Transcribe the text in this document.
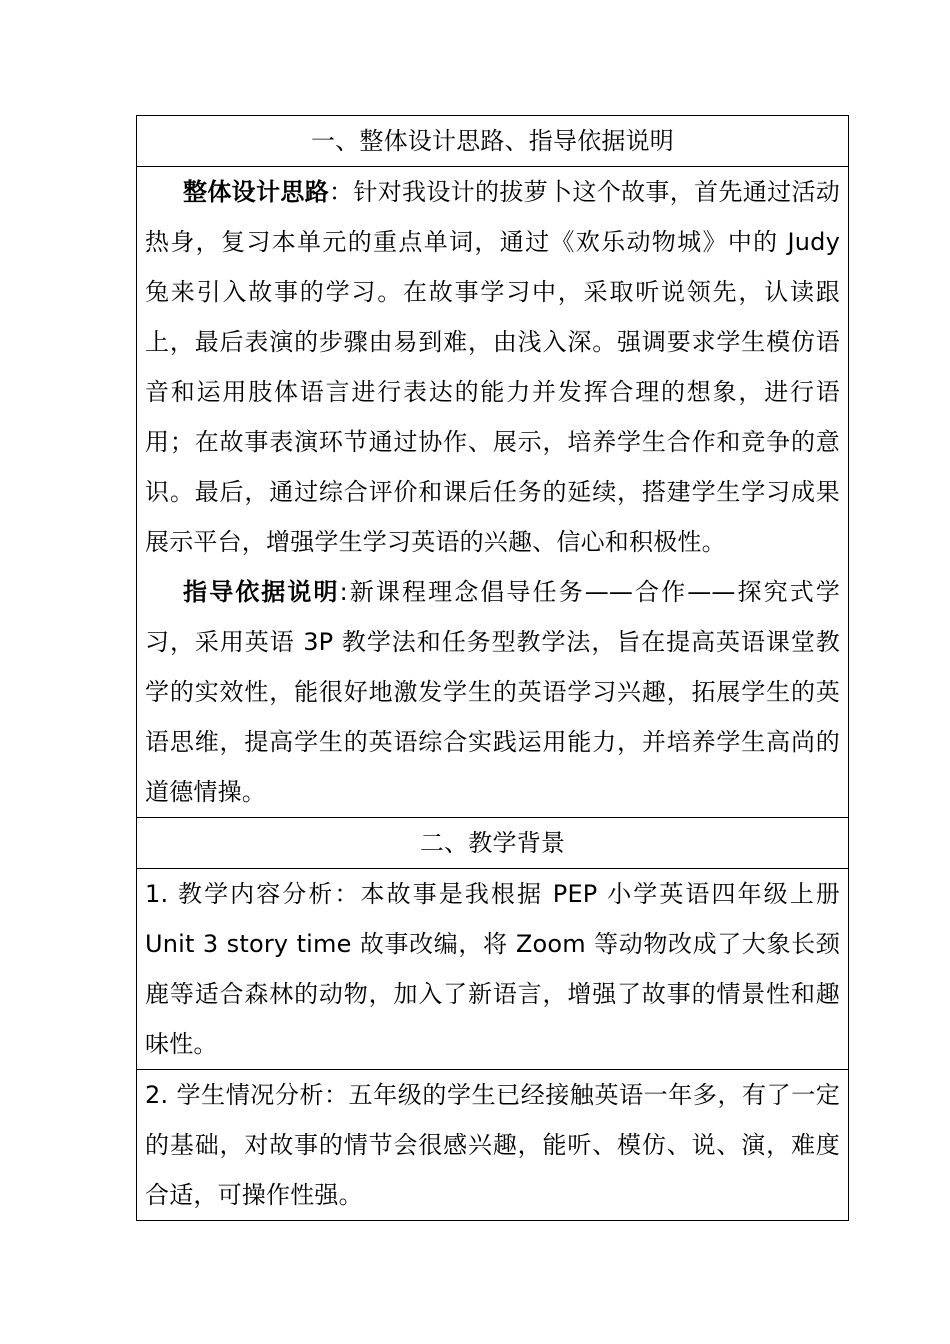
一、整体设计思路、指导依据说明

整体设计思路：针对我设计的拔萝卜这个故事，首先通过活动热身，复习本单元的重点单词，通过《欢乐动物城》中的 Judy 兔来引入故事的学习。在故事学习中，采取听说领先，认读跟上，最后表演的步骤由易到难，由浅入深。强调要求学生模仿语音和运用肢体语言进行表达的能力并发挥合理的想象，进行语用；在故事表演环节通过协作、展示，培养学生合作和竞争的意识。最后，通过综合评价和课后任务的延续，搭建学生学习成果展示平台，增强学生学习英语的兴趣、信心和积极性。

指导依据说明:新课程理念倡导任务——合作——探究式学习，采用英语 3P 教学法和任务型教学法，旨在提高英语课堂教学的实效性，能很好地激发学生的英语学习兴趣，拓展学生的英语思维，提高学生的英语综合实践运用能力，并培养学生高尚的道德情操。

二、教学背景

1. 教学内容分析：本故事是我根据 PEP 小学英语四年级上册 Unit 3 story time 故事改编，将 Zoom 等动物改成了大象长颈鹿等适合森林的动物，加入了新语言，增强了故事的情景性和趣味性。

2. 学生情况分析：五年级的学生已经接触英语一年多，有了一定的基础，对故事的情节会很感兴趣，能听、模仿、说、演，难度合适，可操作性强。
